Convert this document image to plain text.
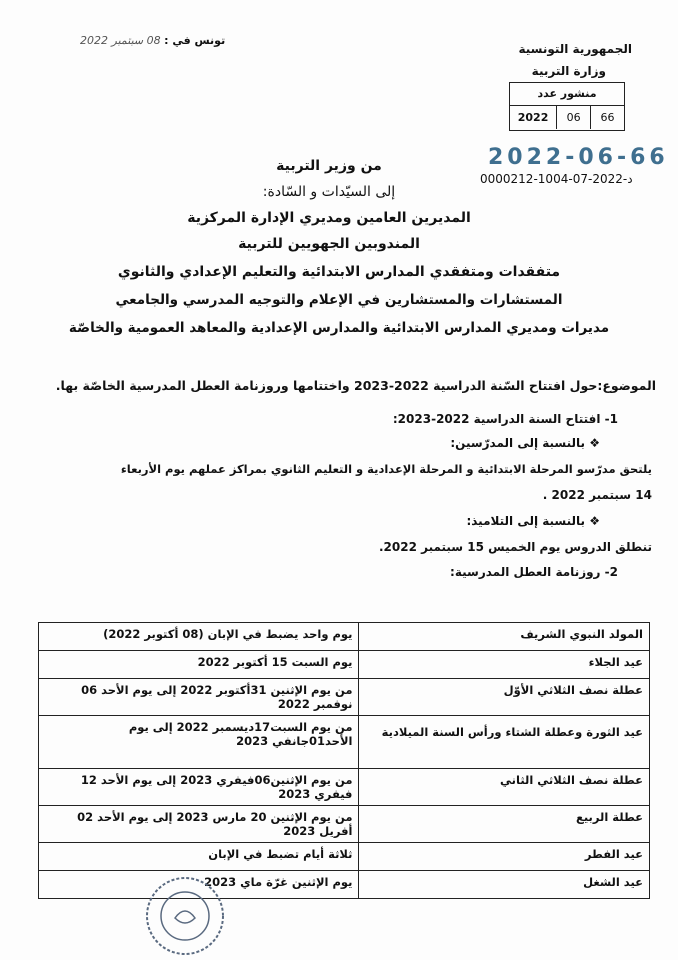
الجمهورية التونسية
وزارة التربية
منشور عدد
2022	06	66
2022-06-66
د-2022-07-1004-0000212
تونس في : 08 سبتمبر 2022
من وزير التربية
إلى السيّدات و السّادة:
المديرين العامين ومديري الإدارة المركزية
المندوبين الجهويين للتربية
متفقدات ومتفقدي المدارس الابتدائية والتعليم الإعدادي والثانوي
المستشارات والمستشارين في الإعلام والتوجيه المدرسي والجامعي
مديرات ومديري المدارس الابتدائية والمدارس الإعدادية والمعاهد العمومية والخاصّة
الموضوع:حول افتتاح السّنة الدراسية 2022-2023 واختتامها وروزنامة العطل المدرسية الخاصّة بها.
1- افتتاح السنة الدراسية 2022-2023:
❖ بالنسبة إلى المدرّسين:
يلتحق مدرّسو المرحلة الابتدائية و المرحلة الإعدادية و التعليم الثانوي بمراكز عملهم يوم الأربعاء
14 سبتمبر 2022 .
❖ بالنسبة إلى التلاميذ:
تنطلق الدروس يوم الخميس 15 سبتمبر 2022.
2- روزنامة العطل المدرسية:
المولد النبوي الشريف	يوم واحد يضبط في الإبان (08 أكتوبر 2022)
عيد الجلاء	يوم السبت 15 أكتوبر 2022
عطلة نصف الثلاثي الأوّل	من يوم الإثنين 31أكتوبر 2022 إلى يوم الأحد 06 نوفمبر 2022
عيد الثورة وعطلة الشتاء ورأس السنة الميلادية	من يوم السبت17ديسمبر 2022 إلى يوم الأحد01جانفي 2023
عطلة نصف الثلاثي الثاني	من يوم الإثنين06فيفري 2023 إلى يوم الأحد 12 فيفري 2023
عطلة الربيع	من يوم الإثنين 20 مارس 2023 إلى يوم الأحد 02 أفريل 2023
عيد الفطر	ثلاثة أيام تضبط في الإبان
عيد الشغل	يوم الإثنين غرّة ماي 2023
